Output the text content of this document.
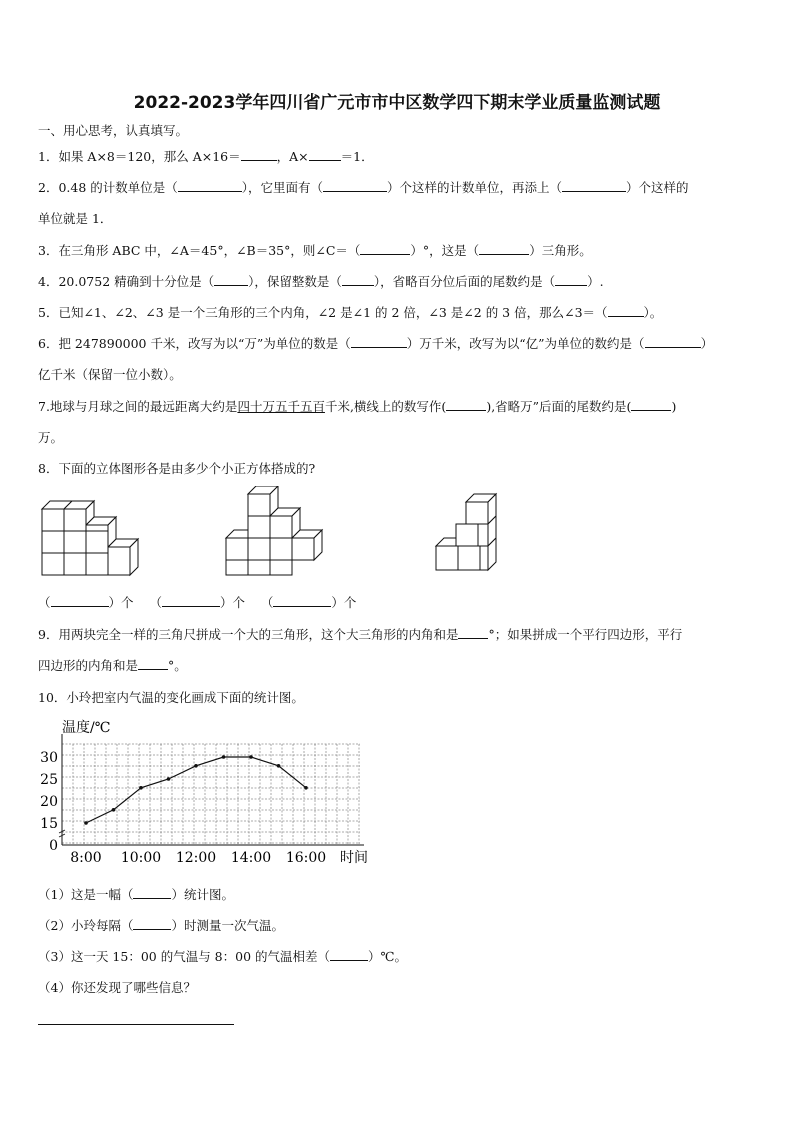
2022-2023学年四川省广元市市中区数学四下期末学业质量监测试题
一、用心思考，认真填写。
1．如果 A×8＝120，那么 A×16＝	，A×	＝1．
2．0.48 的计数单位是（	），它里面有（	）个这样的计数单位，再添上（	）个这样的
单位就是 1．
3．在三角形 ABC 中，∠A＝45°，∠B＝35°，则∠C＝（	）°，这是（	）三角形。
4．20.0752 精确到十分位是（	），保留整数是（	），省略百分位后面的尾数约是（	）.
5．已知∠1、∠2、∠3 是一个三角形的三个内角，∠2 是∠1 的 2 倍，∠3 是∠2 的 3 倍，那么∠3＝（	）。
6．把 247890000 千米，改写为以“万”为单位的数是（	）万千米，改写为以“亿”为单位的数约是（	）
亿千米（保留一位小数）。
7.地球与月球之间的最远距离大约是四十万五千五百千米,横线上的数写作(	),省略万”后面的尾数约是(	)
万。
8．下面的立体图形各是由多少个小正方体搭成的?
（	）个 （	）个 （	）个
9．用两块完全一样的三角尺拼成一个大的三角形，这个大三角形的内角和是 °；如果拼成一个平行四边形，平行
四边形的内角和是 °。
10．小玲把室内气温的变化画成下面的统计图。
温度/℃
0
15
20
25
30
8:00 10:00 12:00 14:00 16:00 时间
（1）这是一幅（	）统计图。
（2）小玲每隔（	）时测量一次气温。
（3）这一天 15：00 的气温与 8：00 的气温相差（	）℃。
（4）你还发现了哪些信息？
